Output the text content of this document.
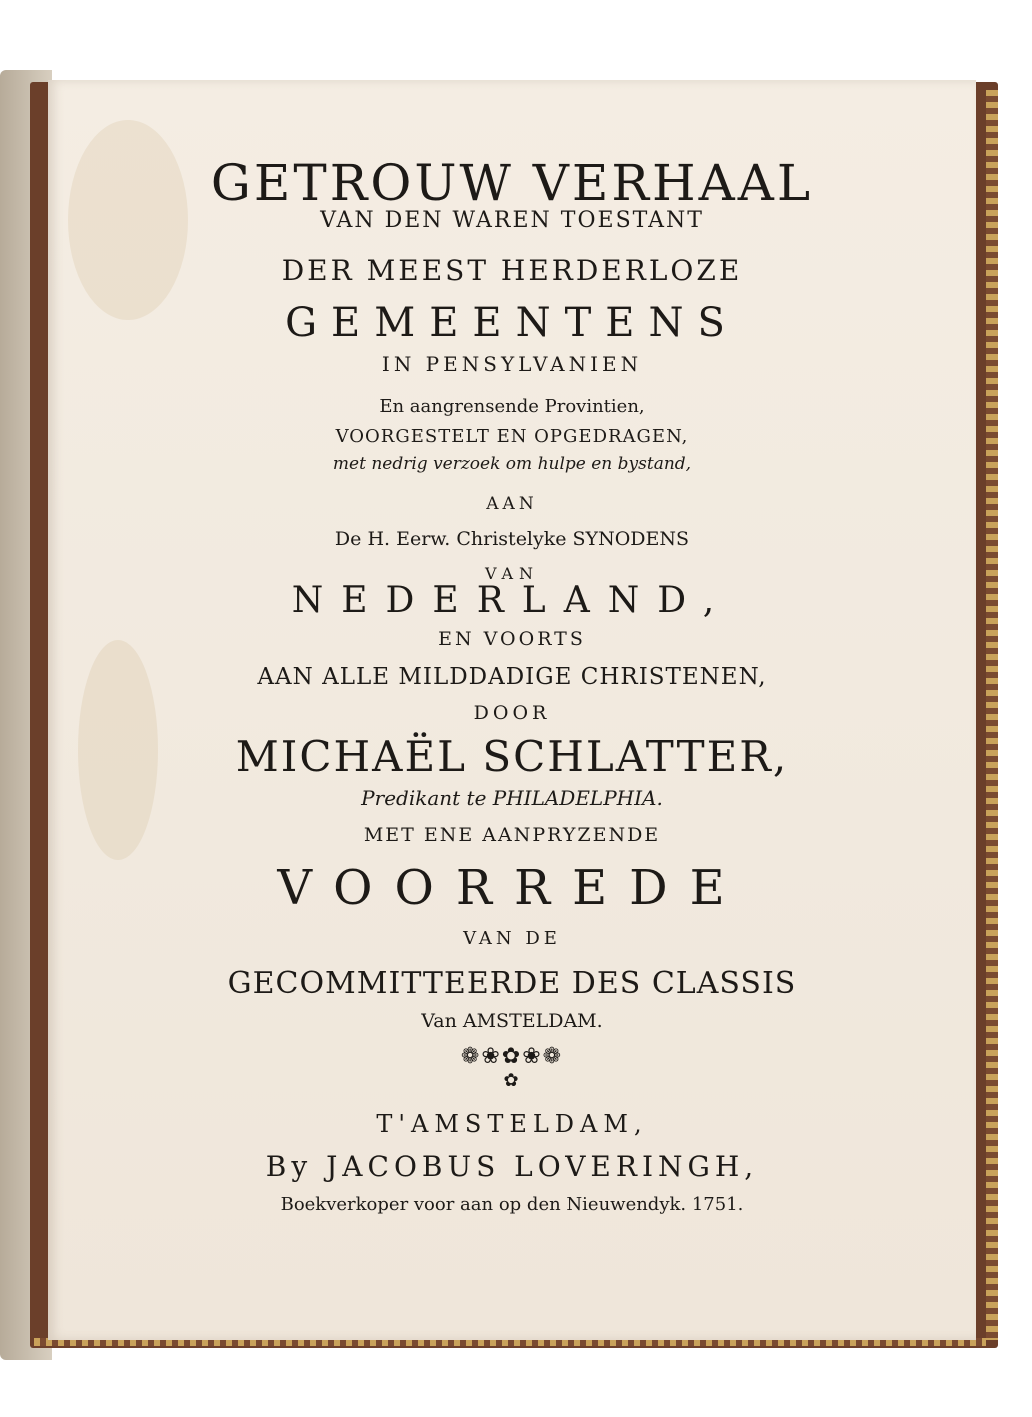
GETROUW VERHAAL
VAN DEN WAREN TOESTANT
DER MEEST HERDERLOZE
GEMEENTENS
IN PENSYLVANIEN
En aangrensende Provintien,
VOORGESTELT EN OPGEDRAGEN,
met nedrig verzoek om hulpe en bystand,
AAN
De H. Eerw. Christelyke SYNODENS
VAN
NEDERLAND,
EN VOORTS
AAN ALLE MILDDADIGE CHRISTENEN,
DOOR
MICHAËL SCHLATTER,
Predikant te PHILADELPHIA.
MET ENE AANPRYZENDE
VOORREDE
VAN DE
GECOMMITTEERDE DES CLASSIS
Van AMSTELDAM.
❁❀✿❀❁
✿
T'AMSTELDAM,
By JACOBUS LOVERINGH,
Boekverkoper voor aan op den Nieuwendyk. 1751.
